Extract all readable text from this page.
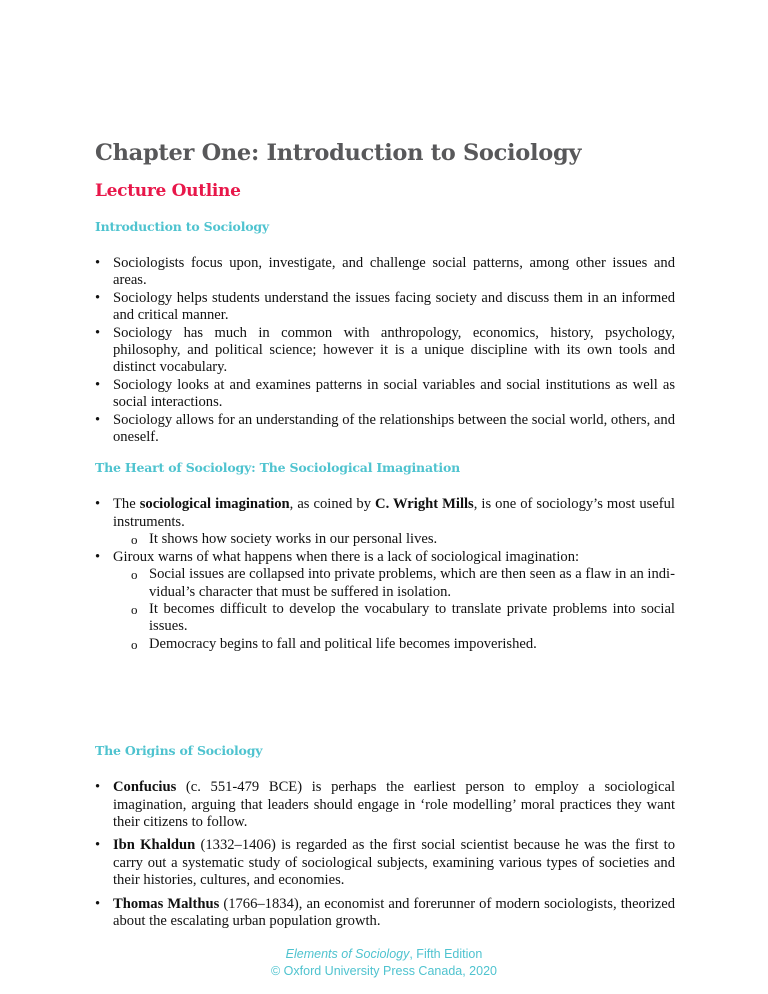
Chapter One: Introduction to Sociology
Lecture Outline
Introduction to Sociology
• Sociologists focus upon, investigate, and challenge social patterns, among other issues and areas.
• Sociology helps students understand the issues facing society and discuss them in an informed and critical manner.
• Sociology has much in common with anthropology, economics, history, psychology, philosophy, and political science; however it is a unique discipline with its own tools and distinct vocabulary.
• Sociology looks at and examines patterns in social variables and social institutions as well as social interactions.
• Sociology allows for an understanding of the relationships between the social world, others, and oneself.
The Heart of Sociology: The Sociological Imagination
• The sociological imagination, as coined by C. Wright Mills, is one of sociology’s most useful instruments.
o It shows how society works in our personal lives.
• Giroux warns of what happens when there is a lack of sociological imagination:
o Social issues are collapsed into private problems, which are then seen as a flaw in an individual’s character that must be suffered in isolation.
o It becomes difficult to develop the vocabulary to translate private problems into social issues.
o Democracy begins to fall and political life becomes impoverished.
The Origins of Sociology
• Confucius (c. 551-479 BCE) is perhaps the earliest person to employ a sociological imagination, arguing that leaders should engage in ‘role modelling’ moral practices they want their citizens to follow.
• Ibn Khaldun (1332–1406) is regarded as the first social scientist because he was the first to carry out a systematic study of sociological subjects, examining various types of societies and their histories, cultures, and economies.
• Thomas Malthus (1766–1834), an economist and forerunner of modern sociologists, theorized about the escalating urban population growth.
Elements of Sociology, Fifth Edition
© Oxford University Press Canada, 2020
